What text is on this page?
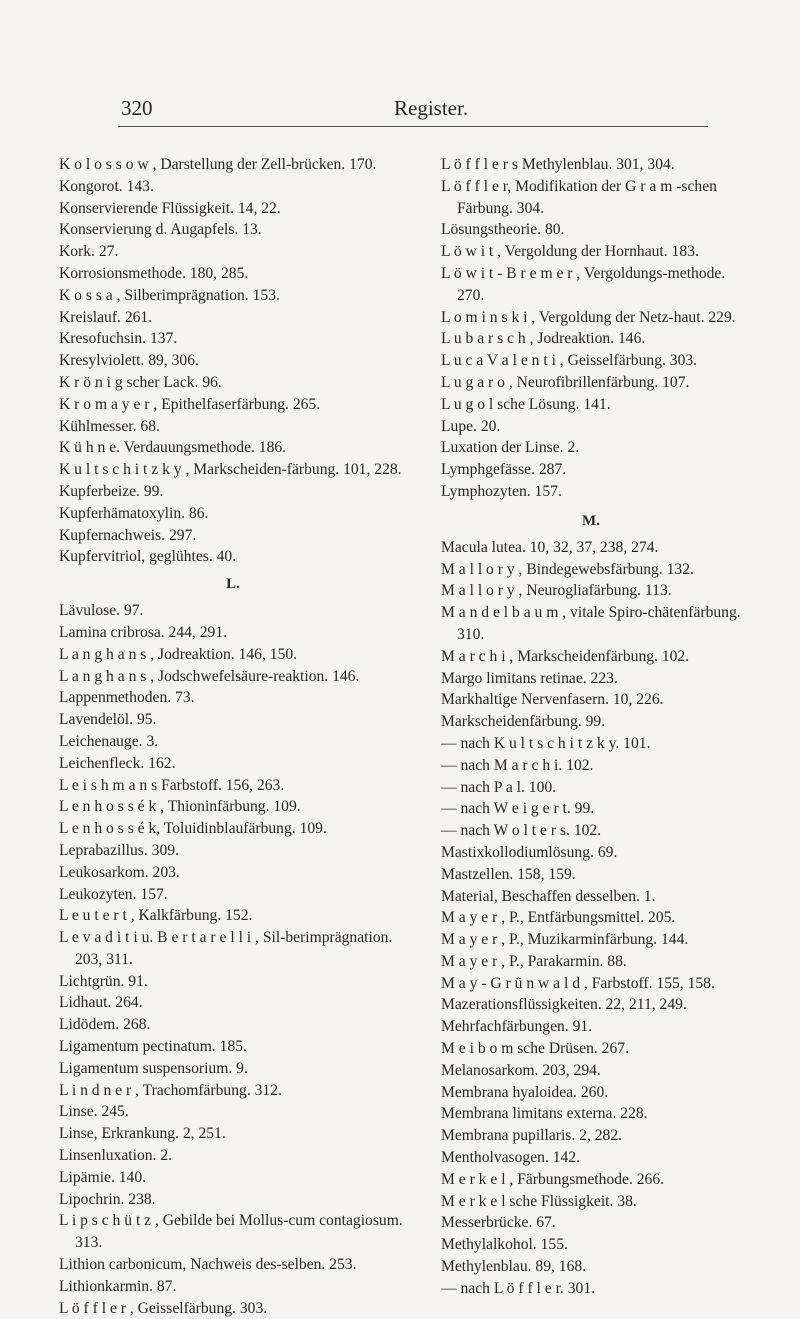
320	Register.

K o l o s s o w , Darstellung der Zell-brücken. 170.

Kongorot. 143.

Konservierende Flüssigkeit. 14, 22.

Konservierung d. Augapfels. 13.

Kork. 27.

Korrosionsmethode. 180, 285.

K o s s a , Silberimprägnation. 153.

Kreislauf. 261.

Kresofuchsin. 137.

Kresylviolett. 89, 306.

K r ö n i g scher Lack. 96.

K r o m a y e r , Epithelfaserfärbung. 265.

Kühlmesser. 68.

K ü h n e. Verdauungsmethode. 186.

K u l t s c h i t z k y , Markscheiden-färbung. 101, 228.

Kupferbeize. 99.

Kupferhämatoxylin. 86.

Kupfernachweis. 297.

Kupfervitriol, geglühtes. 40.

L.

Lävulose. 97.

Lamina cribrosa. 244, 291.

L a n g h a n s , Jodreaktion. 146, 150.

L a n g h a n s , Jodschwefelsäure-reaktion. 146.

Lappenmethoden. 73.

Lavendelöl. 95.

Leichenauge. 3.

Leichenfleck. 162.

L e i s h m a n s Farbstoff. 156, 263.

L e n h o s s é k , Thioninfärbung. 109.

L e n h o s s é k, Toluidinblaufärbung. 109.

Leprabazillus. 309.

Leukosarkom. 203.

Leukozyten. 157.

L e u t e r t , Kalkfärbung. 152.

L e v a d i t i u. B e r t a r e l l i , Sil-berimprägnation. 203, 311.

Lichtgrün. 91.

Lidhaut. 264.

Lidödem. 268.

Ligamentum pectinatum. 185.

Ligamentum suspensorium. 9.

L i n d n e r , Trachomfärbung. 312.

Linse. 245.

Linse, Erkrankung. 2, 251.

Linsenluxation. 2.

Lipämie. 140.

Lipochrin. 238.

L i p s c h ü t z , Gebilde bei Mollus-cum contagiosum. 313.

Lithion carbonicum, Nachweis des-selben. 253.

Lithionkarmin. 87.

L ö f f l e r , Geisselfärbung. 303.

L ö f f l e r s Methylenblau. 301, 304.

L ö f f l e r, Modifikation der G r a m -schen Färbung. 304.

Lösungstheorie. 80.

L ö w i t , Vergoldung der Hornhaut. 183.

L ö w i t - B r e m e r , Vergoldungs-methode. 270.

L o m i n s k i , Vergoldung der Netz-haut. 229.

L u b a r s c h , Jodreaktion. 146.

L u c a V a l e n t i , Geisselfärbung. 303.

L u g a r o , Neurofibrillenfärbung. 107.

L u g o l sche Lösung. 141.

Lupe. 20.

Luxation der Linse. 2.

Lymphgefässe. 287.

Lymphozyten. 157.

M.

Macula lutea. 10, 32, 37, 238, 274.

M a l l o r y , Bindegewebsfärbung. 132.

M a l l o r y , Neurogliafärbung. 113.

M a n d e l b a u m , vitale Spiro-chätenfärbung. 310.

M a r c h i , Markscheidenfärbung. 102.

Margo limitans retinae. 223.

Markhaltige Nervenfasern. 10, 226.

Markscheidenfärbung. 99.

— nach K u l t s c h i t z k y. 101.

— nach M a r c h i. 102.

— nach P a l. 100.

— nach W e i g e r t. 99.

— nach W o l t e r s. 102.

Mastixkollodiumlösung. 69.

Mastzellen. 158, 159.

Material, Beschaffen desselben. 1.

M a y e r , P., Entfärbungsmittel. 205.

M a y e r , P., Muzikarminfärbung. 144.

M a y e r , P., Parakarmin. 88.

M a y - G r ü n w a l d , Farbstoff. 155, 158.

Mazerationsflüssigkeiten. 22, 211, 249.

Mehrfachfärbungen. 91.

M e i b o m sche Drüsen. 267.

Melanosarkom. 203, 294.

Membrana hyaloidea. 260.

Membrana limitans externa. 228.

Membrana pupillaris. 2, 282.

Mentholvasogen. 142.

M e r k e l , Färbungsmethode. 266.

M e r k e l sche Flüssigkeit. 38.

Messerbrücke. 67.

Methylalkohol. 155.

Methylenblau. 89, 168.

— nach L ö f f l e r. 301.
